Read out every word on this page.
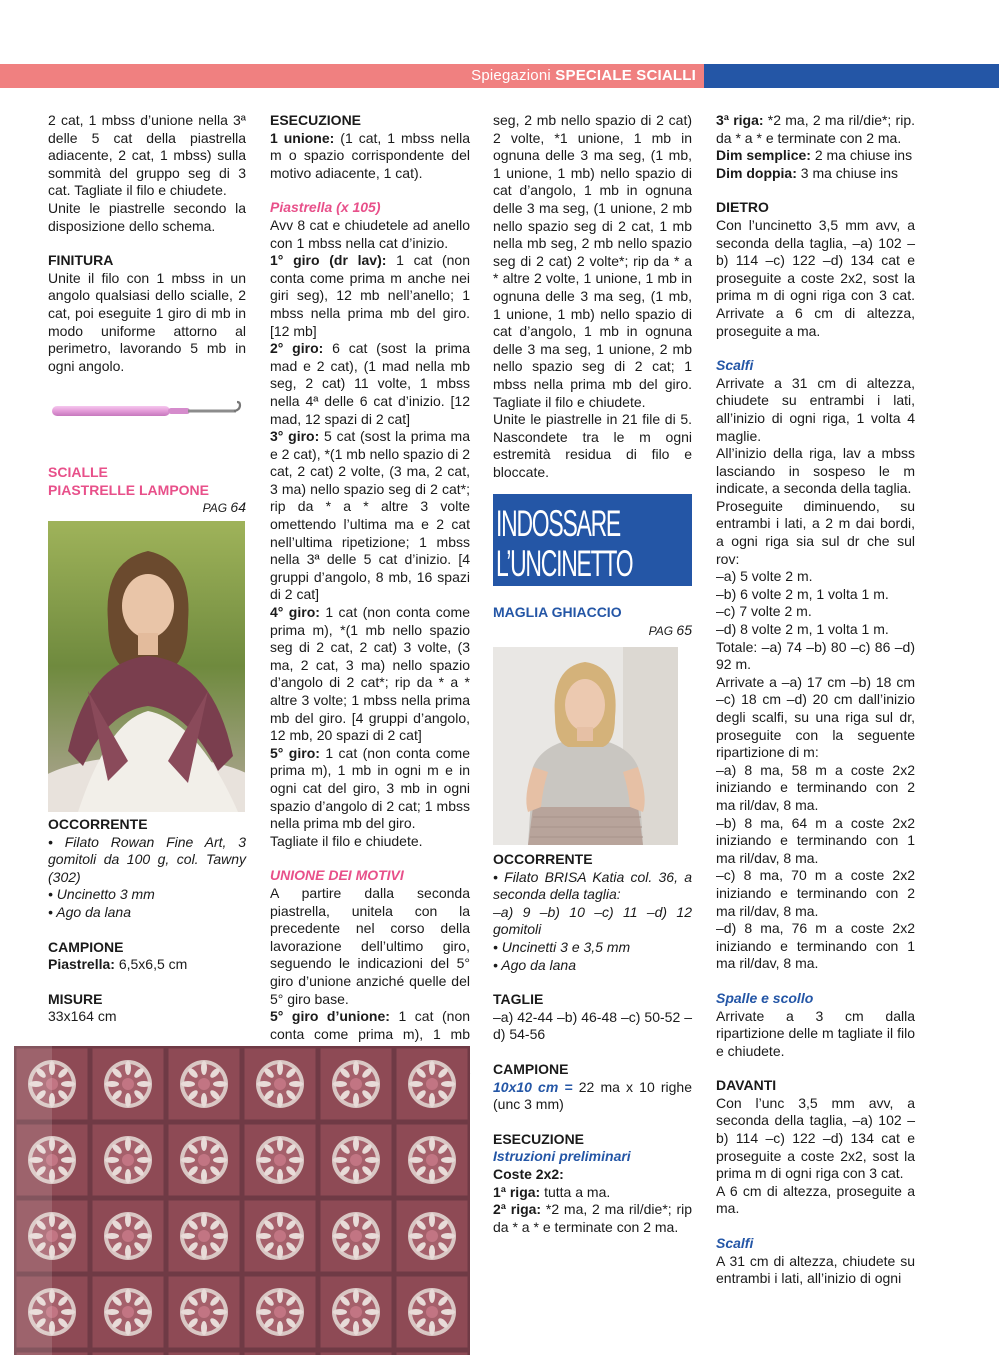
Spiegazioni SPECIALE SCIALLI

2 cat, 1 mbss d’unione nella 3ª delle 5 cat della piastrella adiacente, 2 cat, 1 mbss) sulla sommità del gruppo seg di 3 cat. Tagliate il filo e chiudete.

Unite le piastrelle secondo la disposizione dello schema.

FINITURA

Unite il filo con 1 mbss in un angolo qualsiasi dello scialle, 2 cat, poi eseguite 1 giro di mb in modo uniforme attorno al perimetro, lavorando 5 mb in ogni angolo.

SCIALLE

PIASTRELLE LAMPONE

PAG 64

OCCORRENTE

• Filato Rowan Fine Art, 3 gomitoli da 100 g, col. Tawny (302)

• Uncinetto 3 mm

• Ago da lana

CAMPIONE

Piastrella: 6,5x6,5 cm

MISURE

33x164 cm

ESECUZIONE

1 unione: (1 cat, 1 mbss nella m o spazio corrispondente del motivo adiacente, 1 cat).

Piastrella (x 105)

Avv 8 cat e chiudetele ad anello con 1 mbss nella cat d’inizio.

1° giro (dr lav): 1 cat (non conta come prima m anche nei giri seg), 12 mb nell’anello; 1 mbss nella prima mb del giro. [12 mb]

2° giro: 6 cat (sost la prima mad e 2 cat), (1 mad nella mb seg, 2 cat) 11 volte, 1 mbss nella 4ª delle 6 cat d’inizio. [12 mad, 12 spazi di 2 cat]

3° giro: 5 cat (sost la prima ma e 2 cat), *(1 mb nello spazio di 2 cat, 2 cat) 2 volte, (3 ma, 2 cat, 3 ma) nello spazio seg di 2 cat*; rip da * a * altre 3 volte omettendo l’ultima ma e 2 cat nell’ultima ripetizione; 1 mbss nella 3ª delle 5 cat d’inizio. [4 gruppi d’angolo, 8 mb, 16 spazi di 2 cat]

4° giro: 1 cat (non conta come prima m), *(1 mb nello spazio seg di 2 cat, 2 cat) 3 volte, (3 ma, 2 cat, 3 ma) nello spazio d’angolo di 2 cat*; rip da * a * altre 3 volte; 1 mbss nella prima mb del giro. [4 gruppi d’angolo, 12 mb, 20 spazi di 2 cat]

5° giro: 1 cat (non conta come prima m), 1 mb in ogni m e in ogni cat del giro, 3 mb in ogni spazio d’angolo di 2 cat; 1 mbss nella prima mb del giro.

Tagliate il filo e chiudete.

UNIONE DEI MOTIVI

A partire dalla seconda piastrella, unitela con la precedente nel corso della lavorazione dell’ultimo giro, seguendo le indicazioni del 5° giro d’unione anziché quelle del 5° giro base.

5° giro d’unione: 1 cat (non conta come prima m), 1 mb

seg, 2 mb nello spazio di 2 cat) 2 volte, *1 unione, 1 mb in ognuna delle 3 ma seg, (1 mb, 1 unione, 1 mb) nello spazio di cat d’angolo, 1 mb in ognuna delle 3 ma seg, (1 unione, 2 mb nello spazio seg di 2 cat, 1 mb nella mb seg, 2 mb nello spazio seg di 2 cat) 2 volte*; rip da * a * altre 2 volte, 1 unione, 1 mb in ognuna delle 3 ma seg, (1 mb, 1 unione, 1 mb) nello spazio di cat d’angolo, 1 mb in ognuna delle 3 ma seg, 1 unione, 2 mb nello spazio seg di 2 cat; 1 mbss nella prima mb del giro. Tagliate il filo e chiudete.

Unite le piastrelle in 21 file di 5. Nascondete tra le m ogni estremità residua di filo e bloccate.

INDOSSARE
L’UNCINETTO

MAGLIA GHIACCIO

PAG 65

OCCORRENTE

• Filato BRISA Katia col. 36, a seconda della taglia:

–a) 9 –b) 10 –c) 11 –d) 12 gomitoli

• Uncinetti 3 e 3,5 mm

• Ago da lana

TAGLIE

–a) 42-44 –b) 46-48 –c) 50-52 –d) 54-56

CAMPIONE

10x10 cm = 22 ma x 10 righe (unc 3 mm)

ESECUZIONE

Istruzioni preliminari

Coste 2x2:

1ª riga: tutta a ma.

2ª riga: *2 ma, 2 ma ril/die*; rip da * a * e terminate con 2 ma.

3ª riga: *2 ma, 2 ma ril/die*; rip. da * a * e terminate con 2 ma.

Dim semplice: 2 ma chiuse ins

Dim doppia: 3 ma chiuse ins

DIETRO

Con l’uncinetto 3,5 mm avv, a seconda della taglia, –a) 102 –b) 114 –c) 122 –d) 134 cat e proseguite a coste 2x2, sost la prima m di ogni riga con 3 cat. Arrivate a 6 cm di altezza, proseguite a ma.

Scalfi

Arrivate a 31 cm di altezza, chiudete su entrambi i lati, all’inizio di ogni riga, 1 volta 4 maglie.

All’inizio della riga, lav a mbss lasciando in sospeso le m indicate, a seconda della taglia.

Proseguite diminuendo, su entrambi i lati, a 2 m dai bordi, a ogni riga sia sul dr che sul rov:

–a) 5 volte 2 m.

–b) 6 volte 2 m, 1 volta 1 m.

–c) 7 volte 2 m.

–d) 8 volte 2 m, 1 volta 1 m.

Totale: –a) 74 –b) 80 –c) 86 –d) 92 m.

Arrivate a –a) 17 cm –b) 18 cm –c) 18 cm –d) 20 cm dall’inizio degli scalfi, su una riga sul dr, proseguite con la seguente ripartizione di m:

–a) 8 ma, 58 m a coste 2x2 iniziando e terminando con 2 ma ril/dav, 8 ma.

–b) 8 ma, 64 m a coste 2x2 iniziando e terminando con 1 ma ril/dav, 8 ma.

–c) 8 ma, 70 m a coste 2x2 iniziando e terminando con 2 ma ril/dav, 8 ma.

–d) 8 ma, 76 m a coste 2x2 iniziando e terminando con 1 ma ril/dav, 8 ma.

Spalle e scollo

Arrivate a 3 cm dalla ripartizione delle m tagliate il filo e chiudete.

DAVANTI

Con l’unc 3,5 mm avv, a seconda della taglia, –a) 102 –b) 114 –c) 122 –d) 134 cat e proseguite a coste 2x2, sost la prima m di ogni riga con 3 cat.

A 6 cm di altezza, proseguite a ma.

Scalfi

A 31 cm di altezza, chiudete su entrambi i lati, all’inizio di ogni
